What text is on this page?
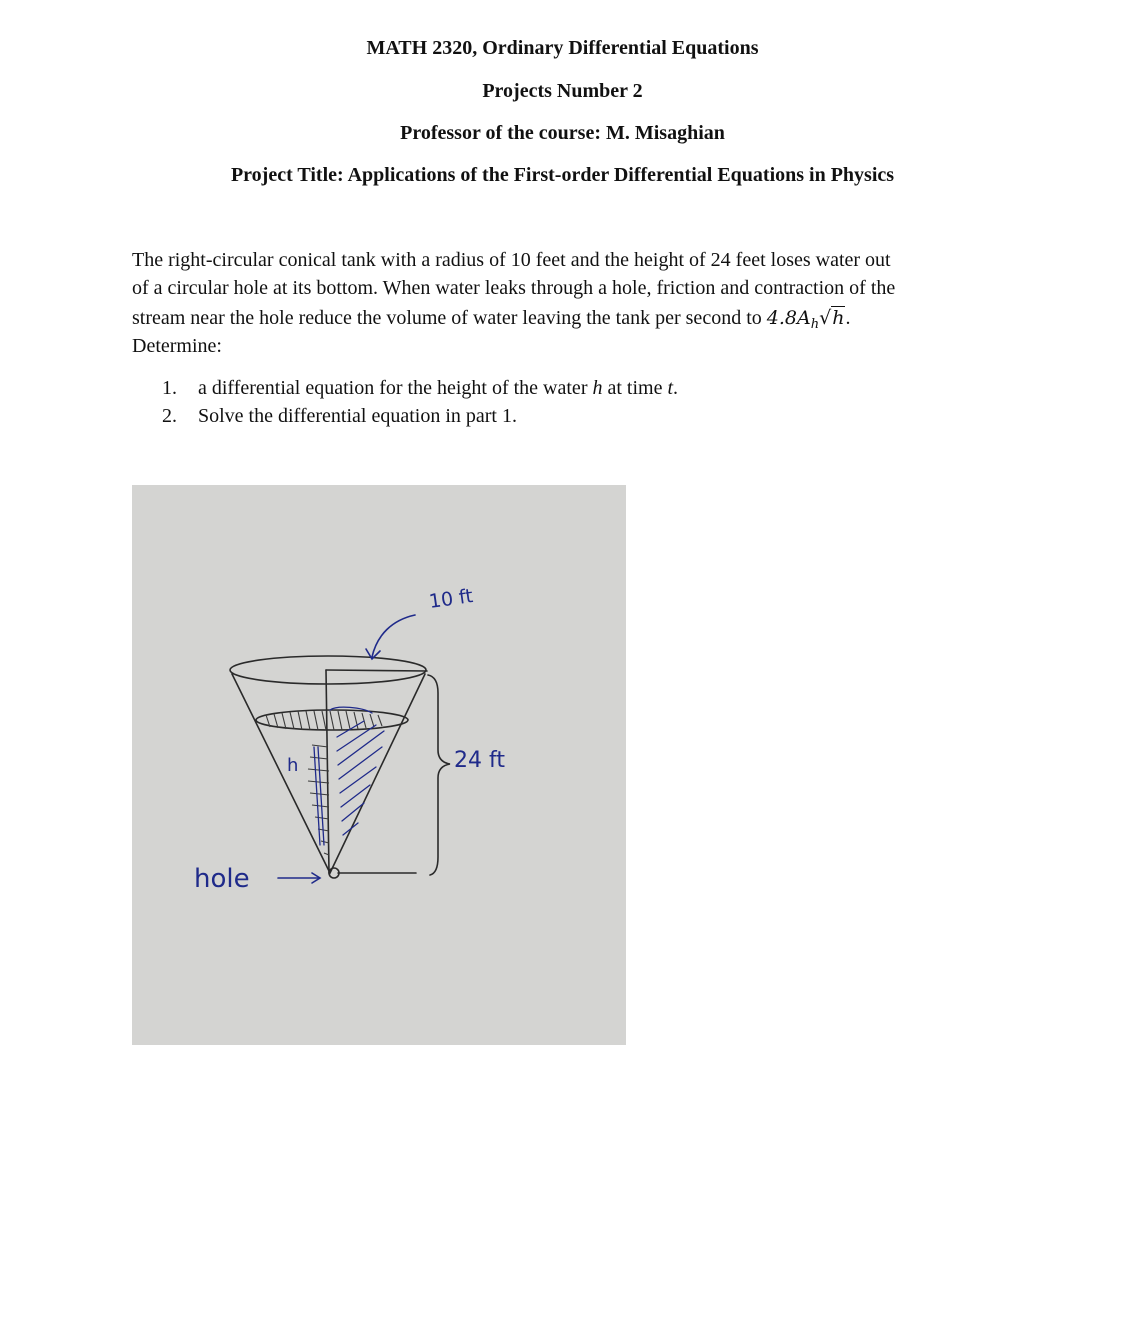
MATH 2320, Ordinary Differential Equations
Projects Number 2
Professor of the course: M. Misaghian
Project Title: Applications of the First-order Differential Equations in Physics
The right-circular conical tank with a radius of 10 feet and the height of 24 feet loses water out
of a circular hole at its bottom. When water leaks through a hole, friction and contraction of the
stream near the hole reduce the volume of water leaving the tank per second to $4.8A_h√h$.
Determine:
1. a differential equation for the height of the water h at time t.
2. Solve the differential equation in part 1.
10 ft
24 ft
h
hole
